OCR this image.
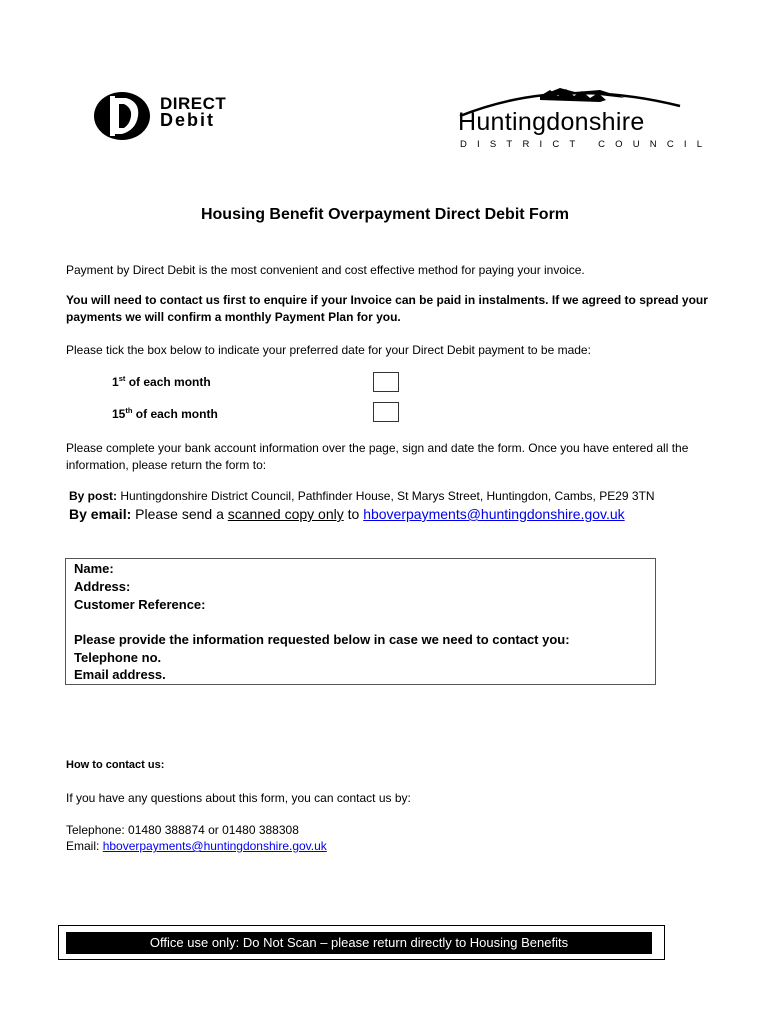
DIRECT
Debit	Huntingdonshire
DISTRICT COUNCIL
Housing Benefit Overpayment Direct Debit Form
Payment by Direct Debit is the most convenient and cost effective method for paying your invoice.
You will need to contact us first to enquire if your Invoice can be paid in instalments. If we agreed to spread your payments we will confirm a monthly Payment Plan for you.
Please tick the box below to indicate your preferred date for your Direct Debit payment to be made:
1st of each month
15th of each month
Please complete your bank account information over the page, sign and date the form. Once you have entered all the information, please return the form to:
By post: Huntingdonshire District Council, Pathfinder House, St Marys Street, Huntingdon, Cambs, PE29 3TN
By email: Please send a scanned copy only to hboverpayments@huntingdonshire.gov.uk
Name:
Address:
Customer Reference:
Please provide the information requested below in case we need to contact you:
Telephone no.
Email address.
How to contact us:
If you have any questions about this form, you can contact us by:
Telephone: 01480 388874 or 01480 388308
Email: hboverpayments@huntingdonshire.gov.uk
Office use only: Do Not Scan – please return directly to Housing Benefits
